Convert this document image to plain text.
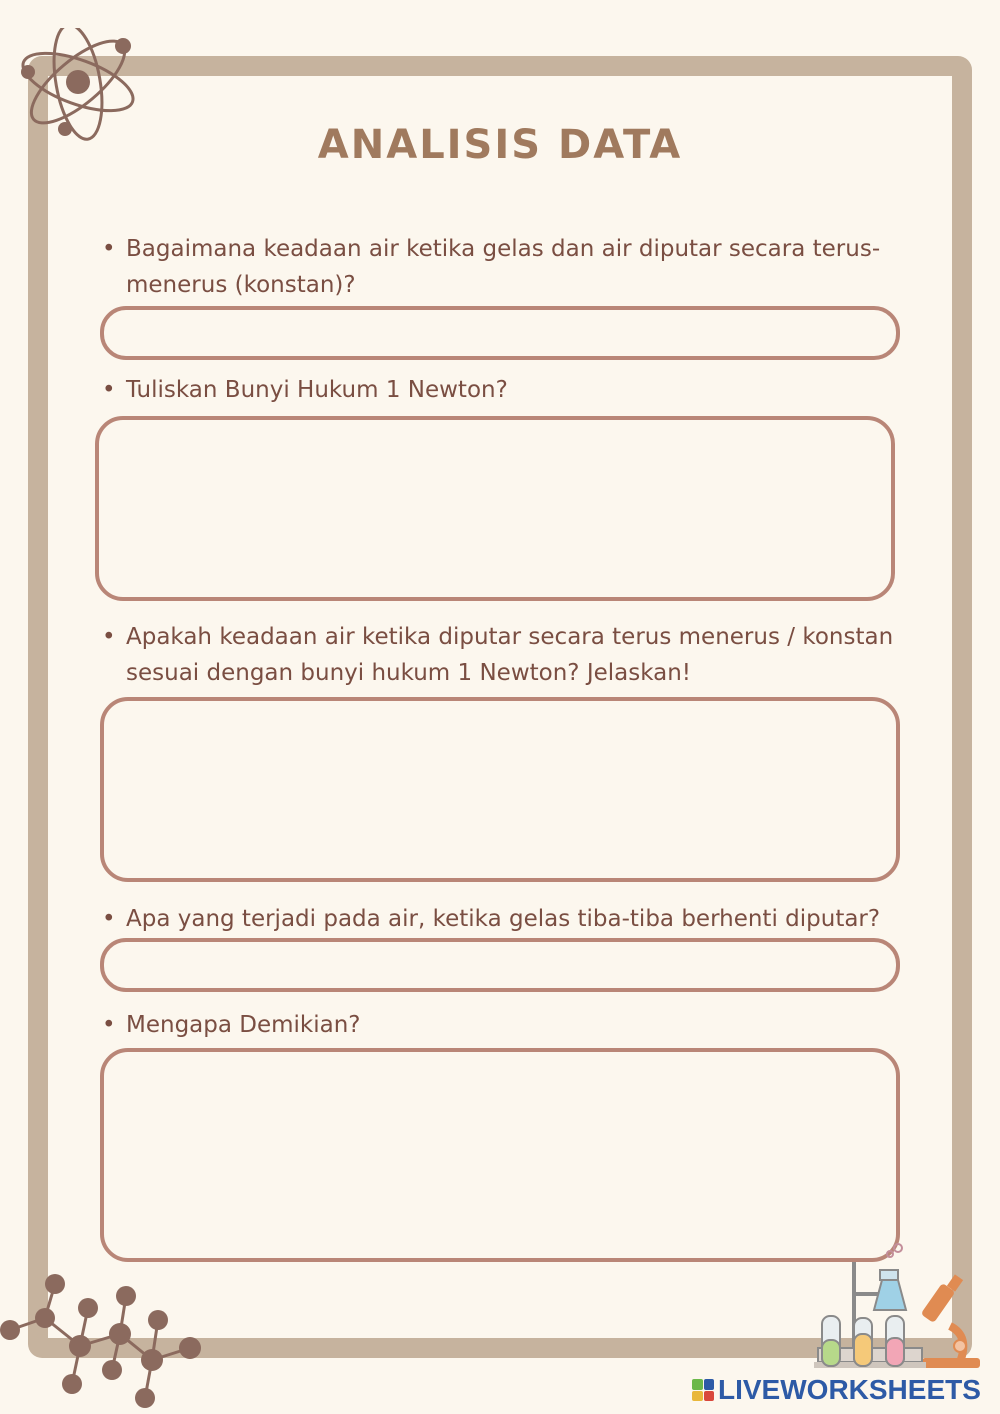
ANALISIS DATA
• Bagaimana keadaan air ketika gelas dan air diputar secara terus-menerus (konstan)?
• Tuliskan Bunyi Hukum 1 Newton?
• Apakah keadaan air ketika diputar secara terus menerus / konstan sesuai dengan bunyi hukum 1 Newton? Jelaskan!
• Apa yang terjadi pada air, ketika gelas tiba-tiba berhenti diputar?
• Mengapa Demikian?
LIVEWORKSHEETS
